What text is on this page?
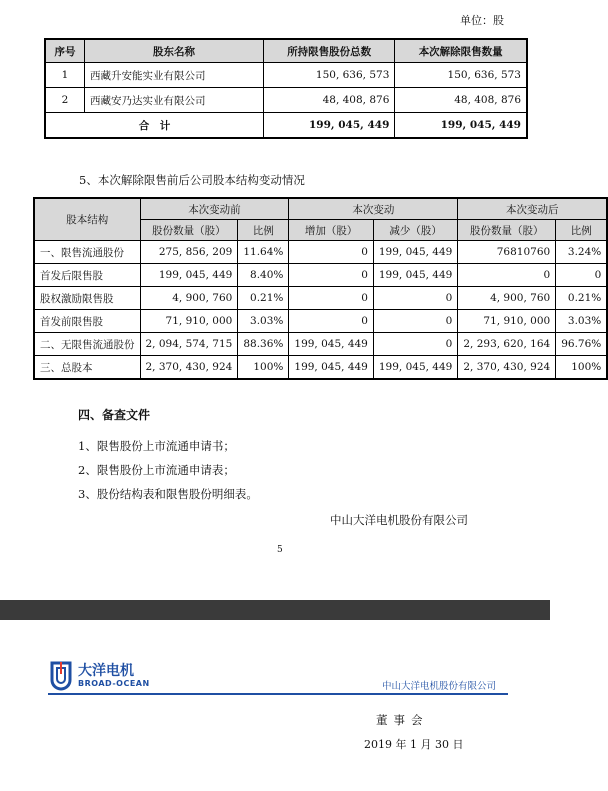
单位：股
序号	股东名称	所持限售股份总数	本次解除限售数量
1	西藏升安能实业有限公司	150, 636, 573	150, 636, 573
2	西藏安乃达实业有限公司	48, 408, 876	48, 408, 876
合　计		199, 045, 449	199, 045, 449
5、本次解除限售前后公司股本结构变动情况
股本结构	本次变动前		本次变动		本次变动后	
	股份数量（股）	比例	增加（股）	减少（股）	股份数量（股）	比例
一、限售流通股份	275, 856, 209	11.64%	0	199, 045, 449	76810760	3.24%
首发后限售股	199, 045, 449	8.40%	0	199, 045, 449	0	0
股权激励限售股	4, 900, 760	0.21%	0	0	4, 900, 760	0.21%
首发前限售股	71, 910, 000	3.03%	0	0	71, 910, 000	3.03%
二、无限售流通股份	2, 094, 574, 715	88.36%	199, 045, 449	0	2, 293, 620, 164	96.76%
三、总股本	2, 370, 430, 924	100%	199, 045, 449	199, 045, 449	2, 370, 430, 924	100%
四、备查文件
1、限售股份上市流通申请书；
2、限售股份上市流通申请表；
3、股份结构表和限售股份明细表。
中山大洋电机股份有限公司
5
大洋电机
BROAD-OCEAN	中山大洋电机股份有限公司
董事会
2019 年 1 月 30 日
